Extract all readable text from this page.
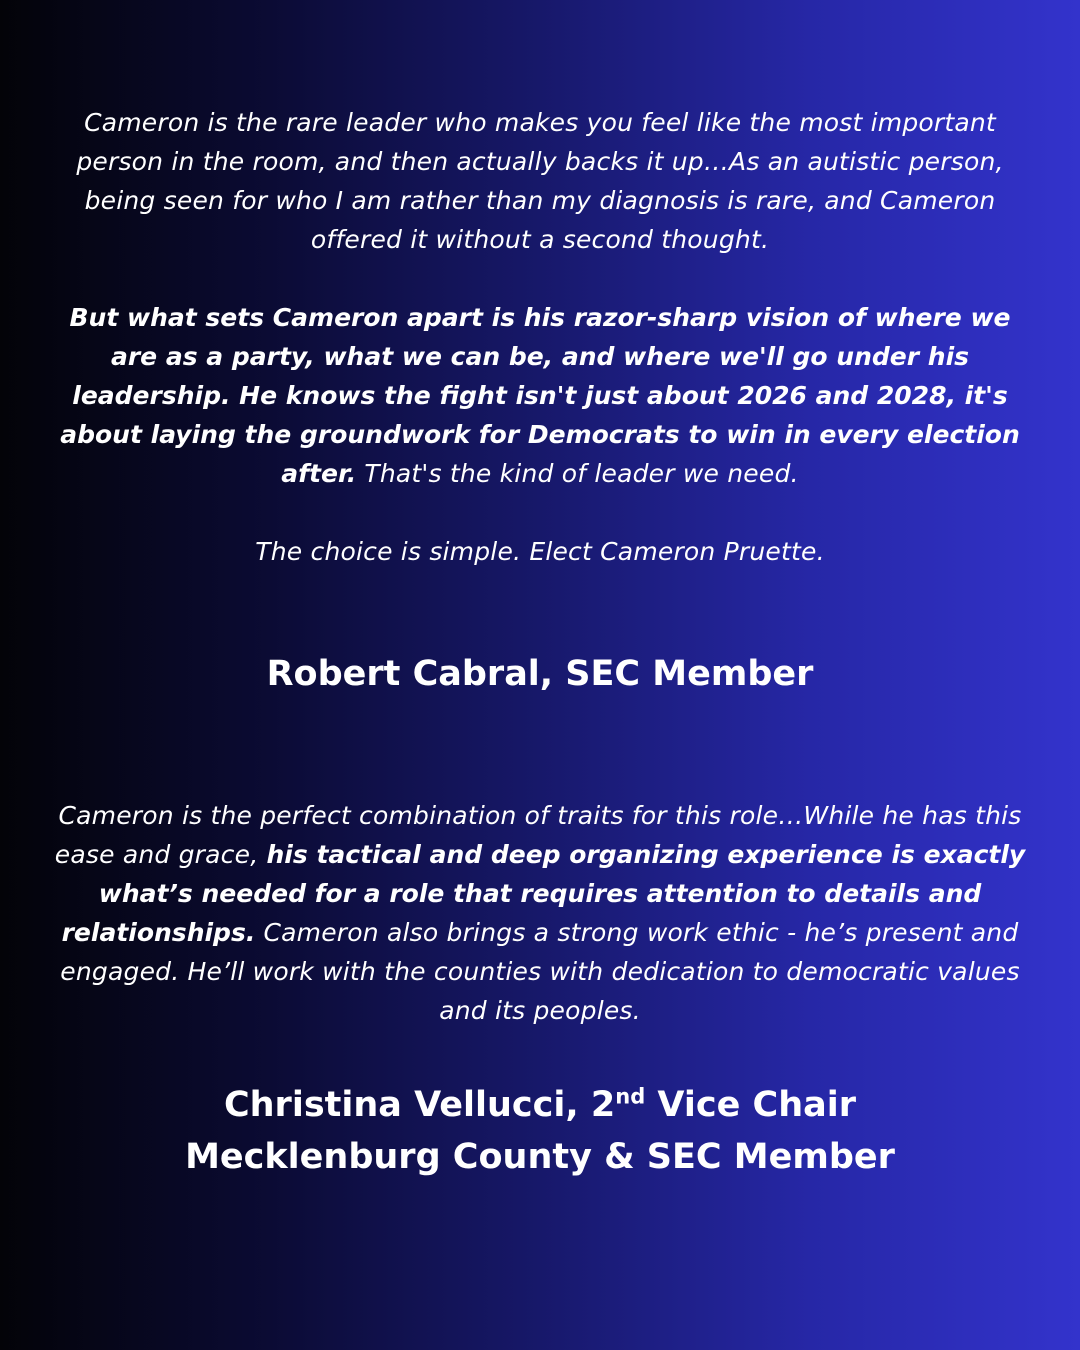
Cameron is the rare leader who makes you feel like the most important person in the room, and then actually backs it up…As an autistic person, being seen for who I am rather than my diagnosis is rare, and Cameron offered it without a second thought.

But what sets Cameron apart is his razor-sharp vision of where we are as a party, what we can be, and where we'll go under his leadership. He knows the fight isn't just about 2026 and 2028, it's about laying the groundwork for Democrats to win in every election after. That's the kind of leader we need.

The choice is simple. Elect Cameron Pruette.

Robert Cabral, SEC Member

Cameron is the perfect combination of traits for this role…While he has this ease and grace, his tactical and deep organizing experience is exactly what’s needed for a role that requires attention to details and relationships. Cameron also brings a strong work ethic - he’s present and engaged. He’ll work with the counties with dedication to democratic values and its peoples.

Christina Vellucci, 2nd Vice Chair
Mecklenburg County & SEC Member
